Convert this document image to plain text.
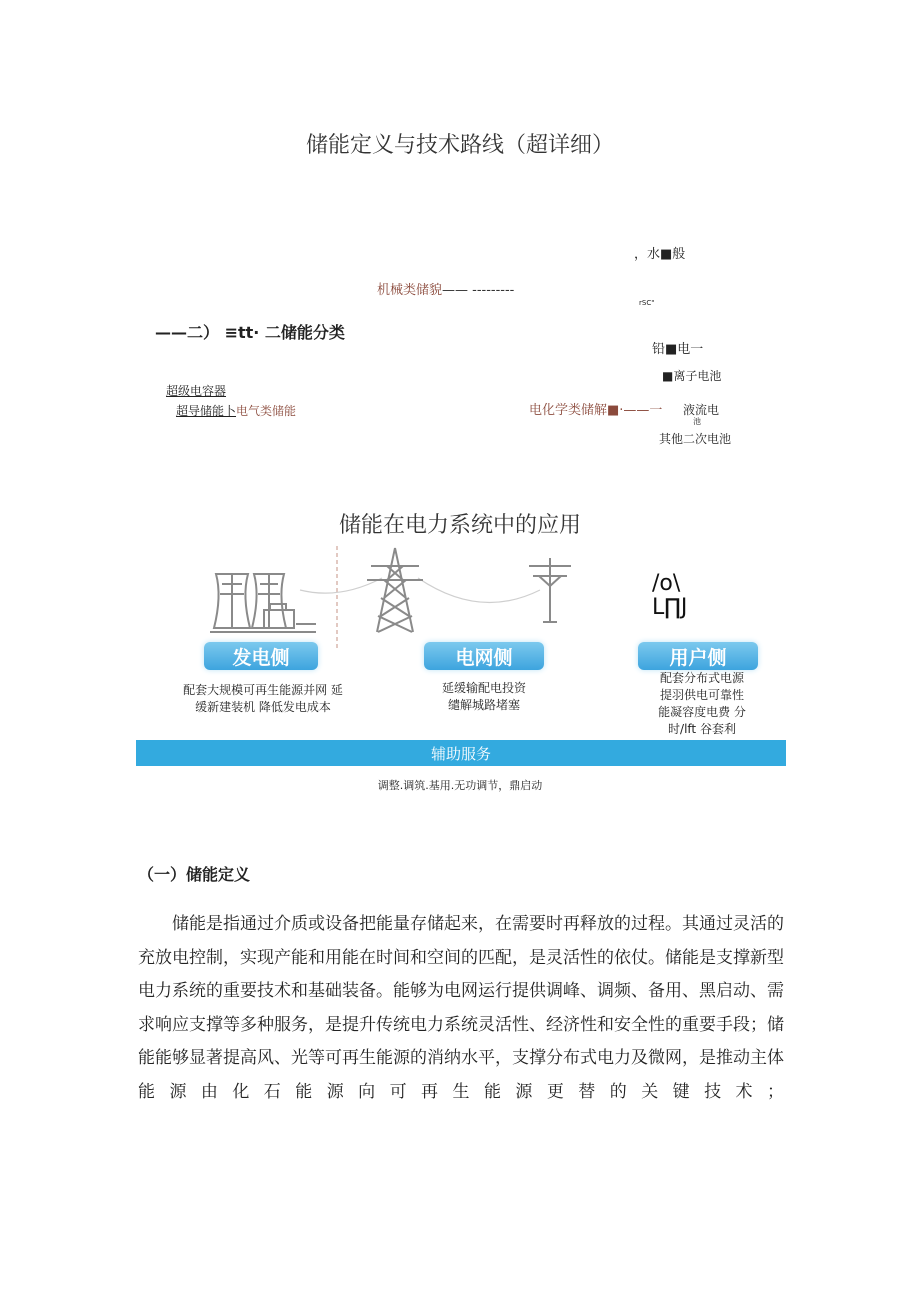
储能定义与技术路线（超详细）
，水■般
机械类储貌—— ---------
rSC"
——二） ≡tt· 二储能分类
铅■电一
■离子电池
超级电容器
超导储能卜电气类储能	电化学类储解■·——一 液流电
池
其他二次电池
储能在电力系统中的应用
/o\
L∏J
发电侧	电网侧	用户侧
配套大规模可再生能源并网 延
缓新建装机 降低发电成本
延缓输配电投资
缱解城路堵塞
配套分布式电源
提羽供电可靠性
能凝容度电费 分
时/lft 谷套利
辅助服务
调整.调筑.基用.无功调节，鼎启动
（一）储能定义

储能是指通过介质或设备把能量存储起来，在需要时再释放的过程。其通过灵活的充放电控制，实现产能和用能在时间和空间的匹配，是灵活性的依仗。储能是支撑新型电力系统的重要技术和基础装备。能够为电网运行提供调峰、调频、备用、黑启动、需求响应支撑等多种服务，是提升传统电力系统灵活性、经济性和安全性的重要手段；储能能够显著提高风、光等可再生能源的消纳水平，支撑分布式电力及微网，是推动主体

能源由化石能源向可再生能源更替的关键技术；
